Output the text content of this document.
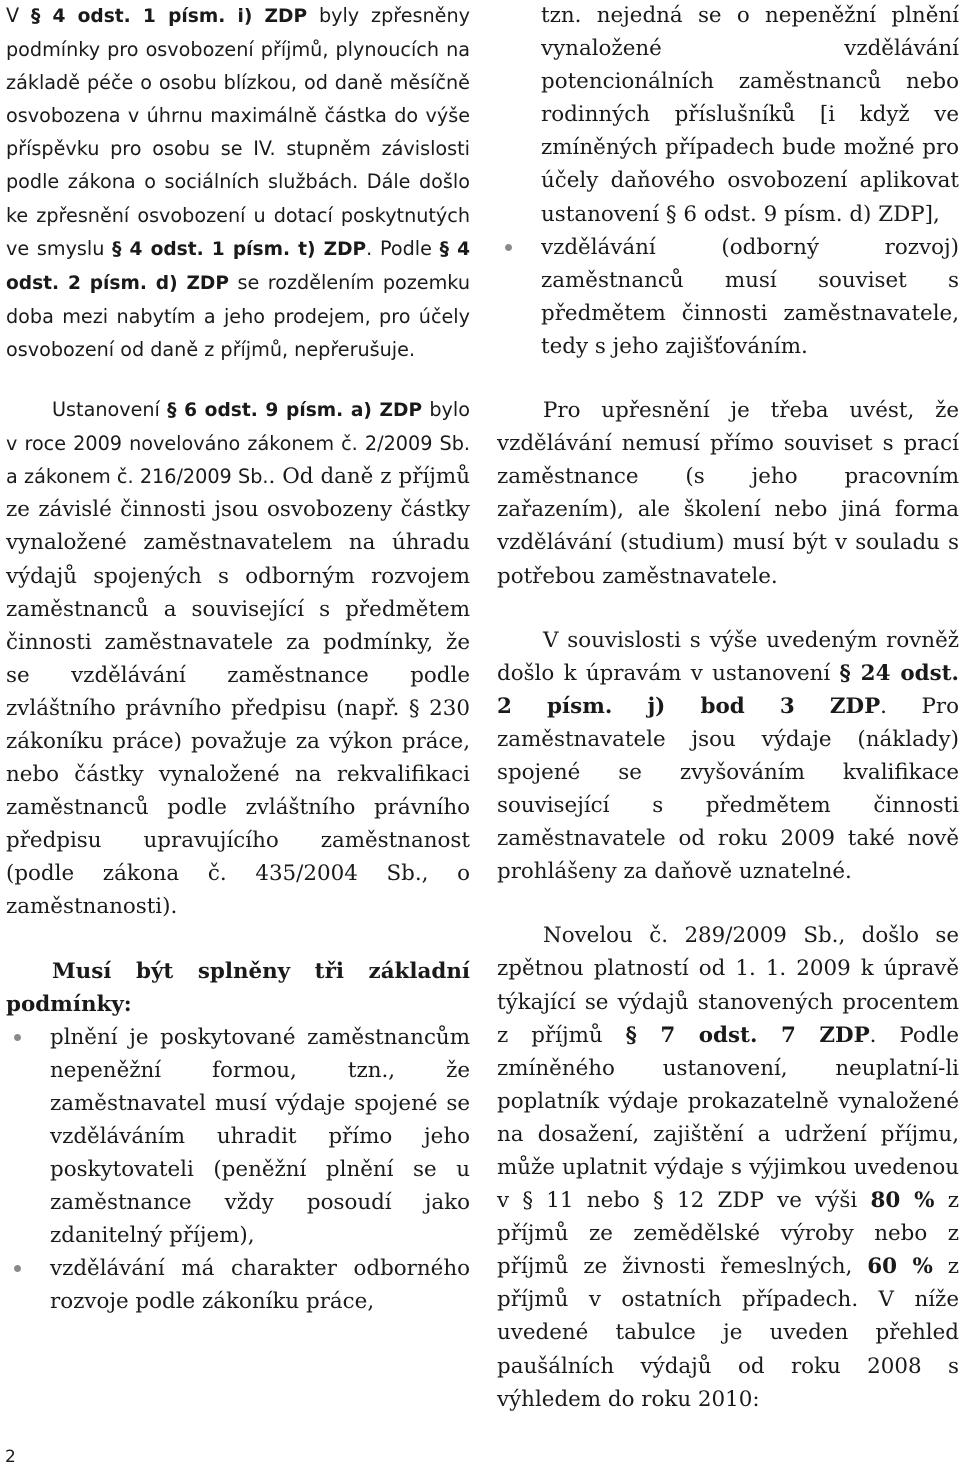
V § 4 odst. 1 písm. i) ZDP byly zpřesněny podmínky pro osvobození příjmů, plynoucích na základě péče o osobu blízkou, od daně měsíčně osvobozena v úhrnu maximálně částka do výše příspěvku pro osobu se IV. stupněm závislosti podle zákona o sociálních službách. Dále došlo ke zpřesnění osvobození u dotací poskytnutých ve smyslu § 4 odst. 1 písm. t) ZDP. Podle § 4 odst. 2 písm. d) ZDP se rozdělením pozemku doba mezi nabytím a jeho prodejem, pro účely osvobození od daně z příjmů, nepřerušuje.

Ustanovení § 6 odst. 9 písm. a) ZDP bylo v roce 2009 novelováno zákonem č. 2/2009 Sb. a zákonem č. 216/2009 Sb.. Od daně z příjmů ze závislé činnosti jsou osvobozeny částky vynaložené zaměstnavatelem na úhradu výdajů spojených s odborným rozvojem zaměstnanců a související s předmětem činnosti zaměstnavatele za podmínky, že se vzdělávání zaměstnance podle zvláštního právního předpisu (např. § 230 zákoníku práce) považuje za výkon práce, nebo částky vynaložené na rekvalifikaci zaměstnanců podle zvláštního právního předpisu upravujícího zaměstnanost (podle zákona č. 435/2004 Sb., o zaměstnanosti).

Musí být splněny tři základní podmínky:

plnění je poskytované zaměstnancům nepeněžní formou, tzn., že zaměstnavatel musí výdaje spojené se vzděláváním uhradit přímo jeho poskytovateli (peněžní plnění se u zaměstnance vždy posoudí jako zdanitelný příjem),
vzdělávání má charakter odborného rozvoje podle zákoníku práce,

tzn. nejedná se o nepeněžní plnění vynaložené vzdělávání potencionálních zaměstnanců nebo rodinných příslušníků [i když ve zmíněných případech bude možné pro účely daňového osvobození aplikovat ustanovení § 6 odst. 9 písm. d) ZDP],

vzdělávání (odborný rozvoj) zaměstnanců musí souviset s předmětem činnosti zaměstnavatele, tedy s jeho zajišťováním.

Pro upřesnění je třeba uvést, že vzdělávání nemusí přímo souviset s prací zaměstnance (s jeho pracovním zařazením), ale školení nebo jiná forma vzdělávání (studium) musí být v souladu s potřebou zaměstnavatele.

V souvislosti s výše uvedeným rovněž došlo k úpravám v ustanovení § 24 odst. 2 písm. j) bod 3 ZDP. Pro zaměstnavatele jsou výdaje (náklady) spojené se zvyšováním kvalifikace související s předmětem činnosti zaměstnavatele od roku 2009 také nově prohlášeny za daňově uznatelné.

Novelou č. 289/2009 Sb., došlo se zpětnou platností od 1. 1. 2009 k úpravě týkající se výdajů stanovených procentem z příjmů § 7 odst. 7 ZDP. Podle zmíněného ustanovení, neuplatní-li poplatník výdaje prokazatelně vynaložené na dosažení, zajištění a udržení příjmu, může uplatnit výdaje s výjimkou uvedenou v § 11 nebo § 12 ZDP ve výši 80 % z příjmů ze zemědělské výroby nebo z příjmů ze živnosti řemeslných, 60 % z příjmů v ostatních případech. V níže uvedené tabulce je uveden přehled paušálních výdajů od roku 2008 s výhledem do roku 2010:

2
